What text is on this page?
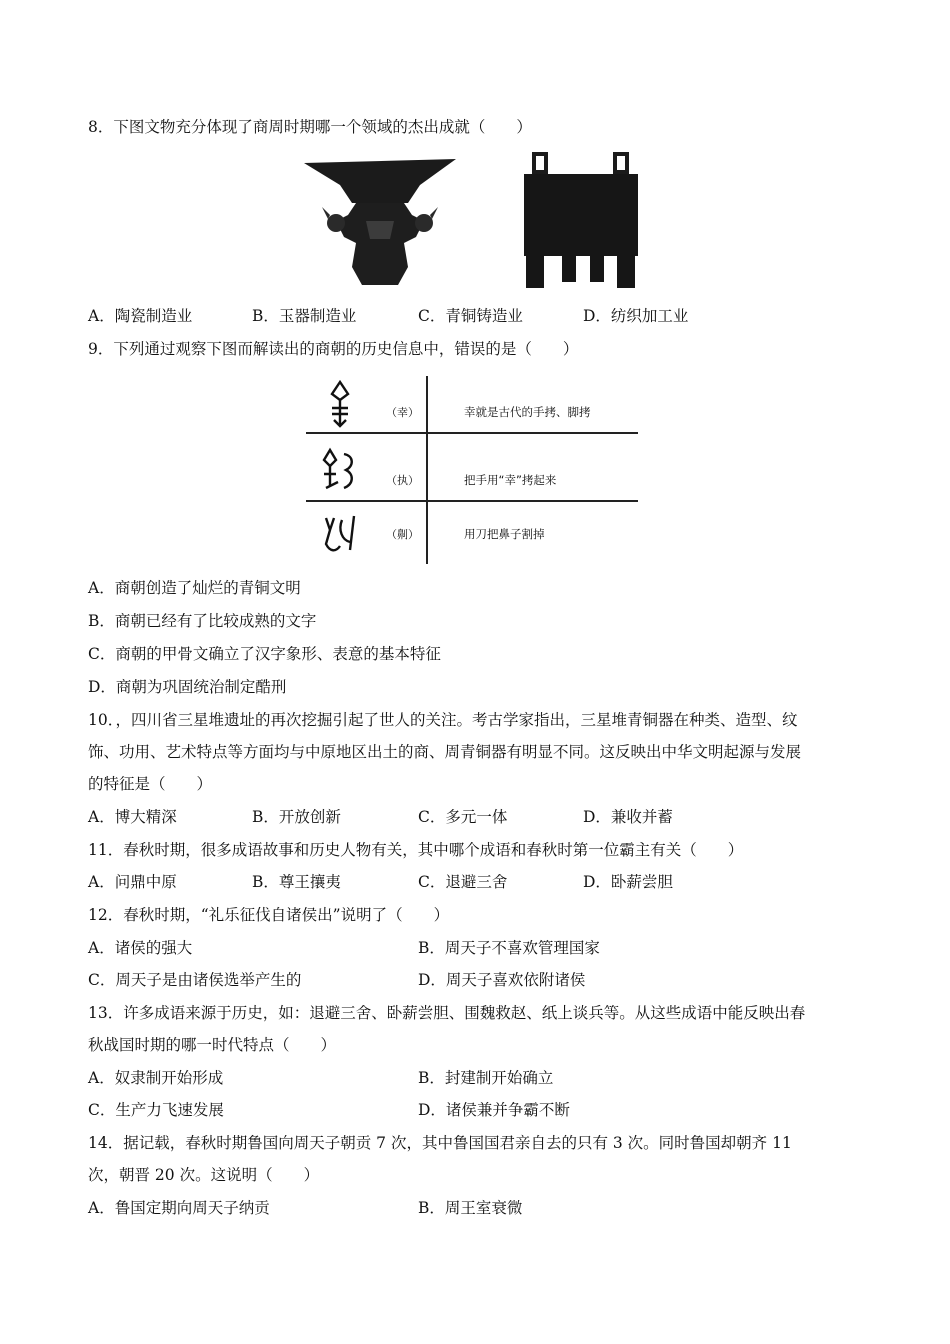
8．下图文物充分体现了商周时期哪一个领域的杰出成就（　　）
A．陶瓷制造业	B．玉器制造业	C．青铜铸造业	D．纺织加工业
9．下列通过观察下图而解读出的商朝的历史信息中，错误的是（　　）
（幸）	幸就是古代的手拷、脚拷
（执）	把手用“幸”拷起来
（劓）	用刀把鼻子割掉
A．商朝创造了灿烂的青铜文明
B．商朝已经有了比较成熟的文字
C．商朝的甲骨文确立了汉字象形、表意的基本特征
D．商朝为巩固统治制定酷刑
10．，四川省三星堆遗址的再次挖掘引起了世人的关注。考古学家指出，三星堆青铜器在种类、造型、纹
饰、功用、艺术特点等方面均与中原地区出土的商、周青铜器有明显不同。这反映出中华文明起源与发展
的特征是（　　）
A．博大精深	B．开放创新	C．多元一体	D．兼收并蓄
11．春秋时期，很多成语故事和历史人物有关，其中哪个成语和春秋时第一位霸主有关（　　）
A．问鼎中原	B．尊王攘夷	C．退避三舍	D．卧薪尝胆
12．春秋时期，“礼乐征伐自诸侯出”说明了（　　）
A．诸侯的强大	B．周天子不喜欢管理国家
C．周天子是由诸侯选举产生的	D．周天子喜欢依附诸侯
13．许多成语来源于历史，如：退避三舍、卧薪尝胆、围魏救赵、纸上谈兵等。从这些成语中能反映出春
秋战国时期的哪一时代特点（　　）
A．奴隶制开始形成	B．封建制开始确立
C．生产力飞速发展	D．诸侯兼并争霸不断
14．据记载，春秋时期鲁国向周天子朝贡 7 次，其中鲁国国君亲自去的只有 3 次。同时鲁国却朝齐 11
次，朝晋 20 次。这说明（　　）
A．鲁国定期向周天子纳贡	B．周王室衰微
